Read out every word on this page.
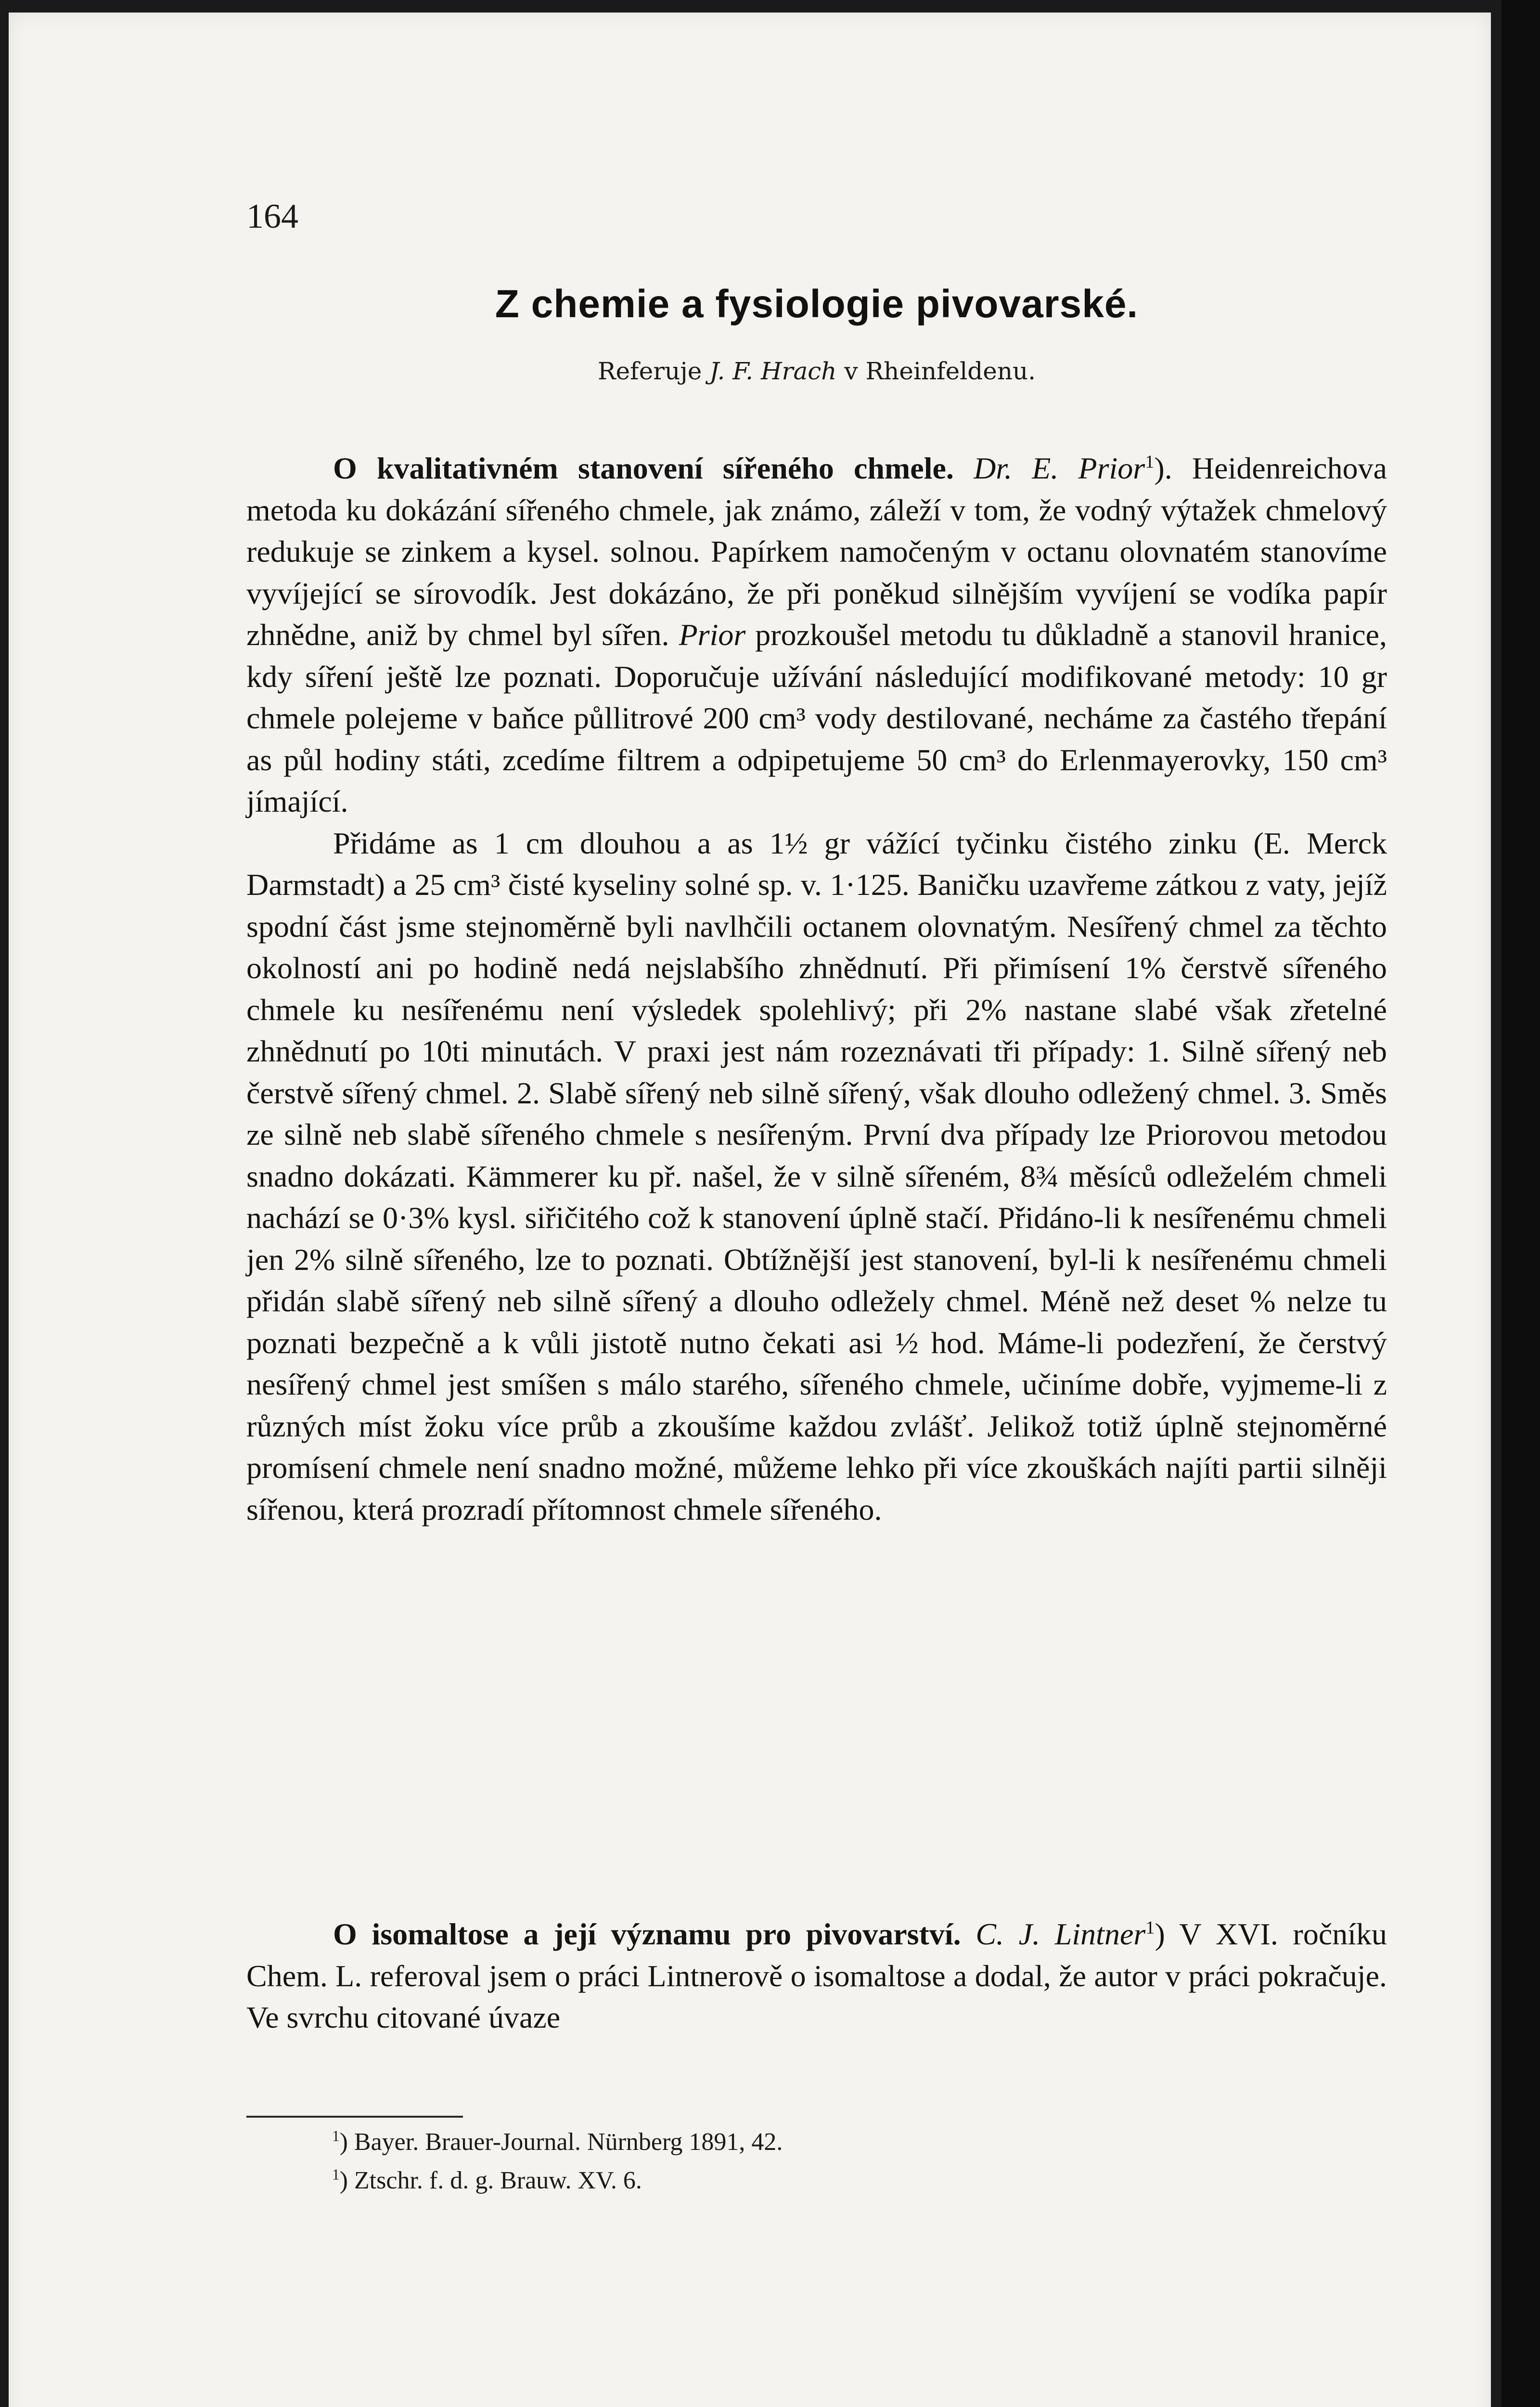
164
Z chemie a fysiologie pivovarské.
Referuje J. F. Hrach v Rheinfeldenu.
O kvalitativném stanovení sířeného chmele. Dr. E. Prior$^1$). Heidenreichova metoda ku dokázání sířeného chmele, jak známo, záleží v tom, že vodný výtažek chmelový redukuje se zinkem a kysel. solnou. Papírkem namočeným v octanu olovnatém stanovíme vyvíjející se sírovodík. Jest dokázáno, že při poněkud silnějším vyvíjení se vodíka papír zhnědne, aniž by chmel byl sířen. Prior prozkoušel metodu tu důkladně a stanovil hranice, kdy síření ještě lze poznati. Doporučuje užívání následující modifikované metody: 10 gr chmele polejeme v baňce půllitrové 200 cm³ vody destilované, necháme za častého třepání as půl hodiny státi, zcedíme filtrem a odpipetujeme 50 cm³ do Erlenmayerovky, 150 cm³ jímající.
Přidáme as 1 cm dlouhou a as 1½ gr vážící tyčinku čistého zinku (E. Merck Darmstadt) a 25 cm³ čisté kyseliny solné sp. v. 1·125. Baničku uzavřeme zátkou z vaty, jejíž spodní část jsme stejnoměrně byli navlhčili octanem olovnatým. Nesířený chmel za těchto okolností ani po hodině nedá nejslabšího zhnědnutí. Při přimísení 1% čerstvě sířeného chmele ku nesířenému není výsledek spolehlivý; při 2% nastane slabé však zřetelné zhnědnutí po 10ti minutách. V praxi jest nám rozeznávati tři případy: 1. Silně sířený neb čerstvě sířený chmel. 2. Slabě sířený neb silně sířený, však dlouho odležený chmel. 3. Směs ze silně neb slabě sířeného chmele s nesířeným. První dva případy lze Priorovou metodou snadno dokázati. Kämmerer ku př. našel, že v silně sířeném, 8¾ měsíců odleželém chmeli nachází se 0·3% kysl. siřičitého což k stanovení úplně stačí. Přidáno-li k nesířenému chmeli jen 2% silně sířeného, lze to poznati. Obtížnější jest stanovení, byl-li k nesířenému chmeli přidán slabě sířený neb silně sířený a dlouho odležely chmel. Méně než deset % nelze tu poznati bezpečně a k vůli jistotě nutno čekati asi ½ hod. Máme-li podezření, že čerstvý nesířený chmel jest smíšen s málo starého, sířeného chmele, učiníme dobře, vyjmeme-li z různých míst žoku více průb a zkoušíme každou zvlášť. Jelikož totiž úplně stejnoměrné promísení chmele není snadno možné, můžeme lehko při více zkouškách najíti partii silněji sířenou, která prozradí přítomnost chmele sířeného.
O isomaltose a její významu pro pivovarství. C. J. Lintner$^1$) V XVI. ročníku Chem. L. referoval jsem o práci Lintnerově o isomaltose a dodal, že autor v práci pokračuje. Ve svrchu citované úvaze
$^1$) Bayer. Brauer-Journal. Nürnberg 1891, 42.
$^1$) Ztschr. f. d. g. Brauw. XV. 6.
